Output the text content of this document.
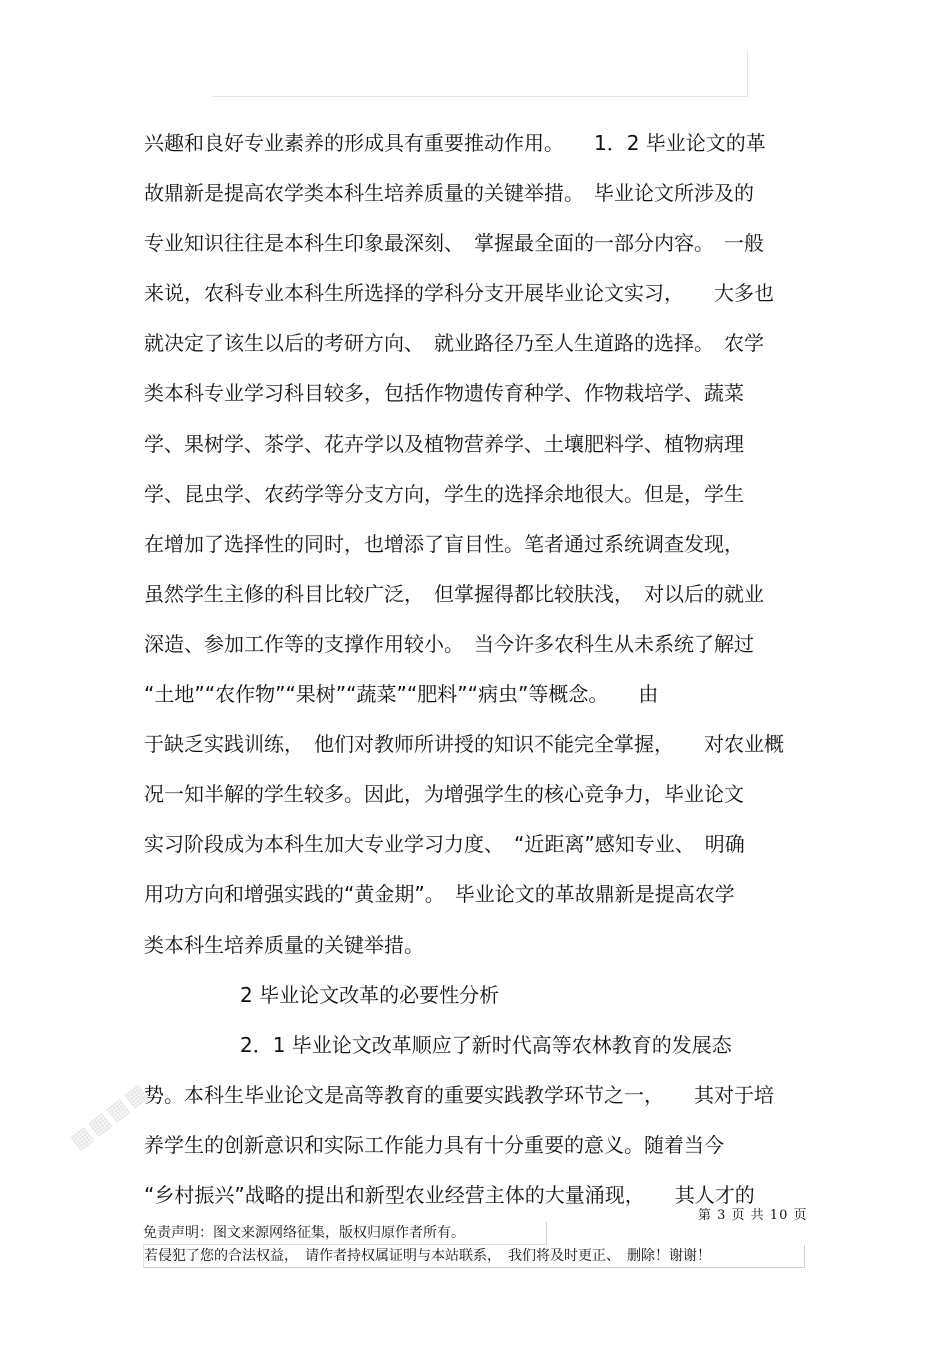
兴趣和良好专业素养的形成具有重要推动作用。　　1．2 毕业论文的革
故鼎新是提高农学类本科生培养质量的关键举措。　毕业论文所涉及的
专业知识往往是本科生印象最深刻、　掌握最全面的一部分内容。　一般
来说，农科专业本科生所选择的学科分支开展毕业论文实习，　　大多也
就决定了该生以后的考研方向、　就业路径乃至人生道路的选择。　农学
类本科专业学习科目较多，包括作物遗传育种学、作物栽培学、蔬菜
学、果树学、茶学、花卉学以及植物营养学、土壤肥料学、植物病理
学、昆虫学、农药学等分支方向，学生的选择余地很大。但是，学生
在增加了选择性的同时，也增添了盲目性。笔者通过系统调查发现，
虽然学生主修的科目比较广泛，　但掌握得都比较肤浅，　对以后的就业
深造、参加工作等的支撑作用较小。　当今许多农科生从未系统了解过
“土地”“农作物”“果树”“蔬菜”“肥料”“病虫”等概念。　　由
于缺乏实践训练，　他们对教师所讲授的知识不能完全掌握，　　对农业概
况一知半解的学生较多。因此，为增强学生的核心竞争力，毕业论文
实习阶段成为本科生加大专业学习力度、　“近距离”感知专业、　明确
用功方向和增强实践的“黄金期”。　毕业论文的革故鼎新是提高农学
类本科生培养质量的关键举措。
2 毕业论文改革的必要性分析
2．1 毕业论文改革顺应了新时代高等农林教育的发展态
势。本科生毕业论文是高等教育的重要实践教学环节之一，　　其对于培
养学生的创新意识和实际工作能力具有十分重要的意义。随着当今
“乡村振兴”战略的提出和新型农业经营主体的大量涌现，　　其人才的
▦▦▦▦
第 3 页 共 10 页
免责声明：图文来源网络征集，版权归原作者所有。
若侵犯了您的合法权益，　请作者持权属证明与本站联系，　我们将及时更正、　删除！谢谢！
